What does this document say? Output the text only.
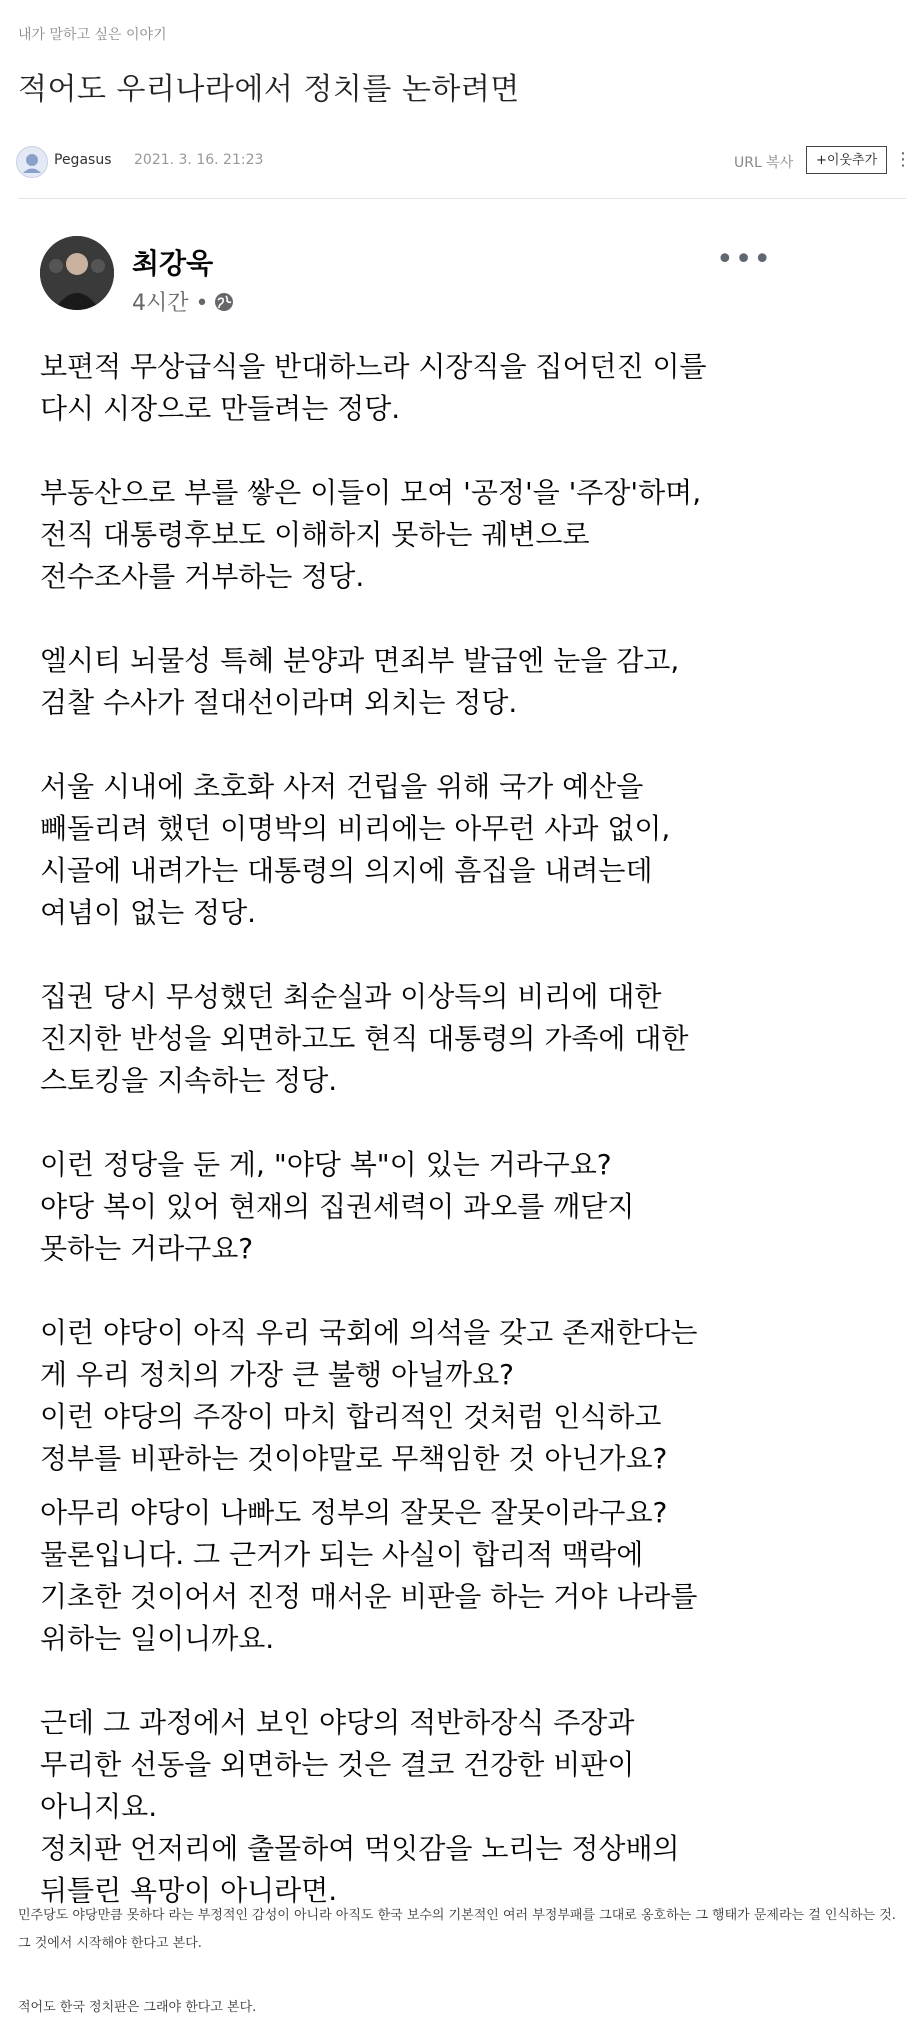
내가 말하고 싶은 이야기
적어도 우리나라에서 정치를 논하려면
Pegasus 2021. 3. 16. 21:23	URL 복사	+이웃추가 ⋮
최강욱
4시간 •
•••

보편적 무상급식을 반대하느라 시장직을 집어던진 이를
다시 시장으로 만들려는 정당.

부동산으로 부를 쌓은 이들이 모여 '공정'을 '주장'하며,
전직 대통령후보도 이해하지 못하는 궤변으로
전수조사를 거부하는 정당.

엘시티 뇌물성 특혜 분양과 면죄부 발급엔 눈을 감고,
검찰 수사가 절대선이라며 외치는 정당.

서울 시내에 초호화 사저 건립을 위해 국가 예산을
빼돌리려 했던 이명박의 비리에는 아무런 사과 없이,
시골에 내려가는 대통령의 의지에 흠집을 내려는데
여념이 없는 정당.

집권 당시 무성했던 최순실과 이상득의 비리에 대한
진지한 반성을 외면하고도 현직 대통령의 가족에 대한
스토킹을 지속하는 정당.

이런 정당을 둔 게, "야당 복"이 있는 거라구요?
야당 복이 있어 현재의 집권세력이 과오를 깨닫지
못하는 거라구요?

이런 야당이 아직 우리 국회에 의석을 갖고 존재한다는
게 우리 정치의 가장 큰 불행 아닐까요?
이런 야당의 주장이 마치 합리적인 것처럼 인식하고
정부를 비판하는 것이야말로 무책임한 것 아닌가요?

아무리 야당이 나빠도 정부의 잘못은 잘못이라구요?
물론입니다. 그 근거가 되는 사실이 합리적 맥락에
기초한 것이어서 진정 매서운 비판을 하는 거야 나라를
위하는 일이니까요.

근데 그 과정에서 보인 야당의 적반하장식 주장과
무리한 선동을 외면하는 것은 결코 건강한 비판이
아니지요.
정치판 언저리에 출몰하여 먹잇감을 노리는 정상배의
뒤틀린 욕망이 아니라면.

민주당도 야당만큼 못하다 라는 부정적인 감성이 아니라 아직도 한국 보수의 기본적인 여러 부정부패를 그대로 옹호하는 그 행태가 문제라는 걸 인식하는 것. 그 것에서 시작해야 한다고 본다.
적어도 한국 정치판은 그래야 한다고 본다.
